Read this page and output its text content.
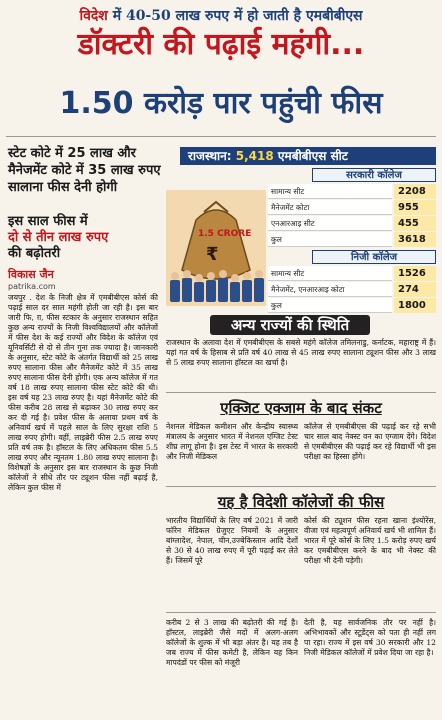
विदेश में 40-50 लाख रुपए में हो जाती है एमबीबीएस
डॉक्टरी की पढ़ाई महंगी...
1.50 करोड़ पार पहुंची फीस
स्टेट कोटे में 25 लाख और मैनेजमेंट कोटे में 35 लाख रुपए सालाना फीस देनी होगी
इस साल फीस में
दो से तीन लाख रुपए
की बढ़ोतरी
विकास जैन
patrika.com
जयपुर . देश के निजी क्षेत्र में एमबीबीएस कोर्स की पढ़ाई साल दर साल महंगी होती जा रही है। इस बार जारी फि, ग़, फीस स्टकार के अनुसार राजस्थान सहित कुछ अन्य राज्यों के निजी विश्वविद्यालयों और कॉलेजों में फीस देश के कई राज्यों और विदेश के कॉलेज एवं यूनिवर्सिटी से दो से तीन गुना तक ज्यादा है। जानकारी के अनुसार, स्टेट कोटे के अंतर्गत विद्यार्थी को 25 लाख रुपए सालाना फीस और मैनेजमेंट कोटे में 35 लाख रुपए सालाना फीस देनी होगी। एक अन्य कॉलेज में गत वर्ष 18 लाख रुपए सालाना फीस स्टेट कोटे की थी। इस वर्ष यह 23 लाख रुपए है। यहां मैनेजमेंट कोटे की फीस करीब 28 लाख से बढ़ाकर 30 लाख रुपए कर कर दी गई है। प्रवेश फीस के अलावा प्रथम वर्ष के अनिवार्य खर्च में पहले साल के लिए सुरक्षा राशि 5 लाख रुपए होगी। वहीं, लाइब्रेरी फीस 2.5 लाख रुपए प्रति वर्ष तक है। हॉस्टल के लिए अधिकतम फीस 5.5 लाख रुपए और न्यूनतम 1.80 लाख रुपए सालाना है। विशेषज्ञों के अनुसार इस बार राजस्थान के कुछ निजी कॉलेजों ने सीधे तौर पर ट्यूशन फीस नहीं बढ़ाई है, लेकिन कुल फीस में
1.5 CRORE
₹
राजस्थान: 5,418 एमबीबीएस सीट
सरकारी कॉलेज
सामान्य सीट	2208
मैनेजमेंट कोटा	955
एनआरआइ सीट	455
कुल	3618
निजी कॉलेज
सामान्य सीट	1526
मैनेजमेंट, एनआरआइ कोटा	274
कुल	1800
अन्य राज्यों की स्थिति
राजस्थान के अलावा देश में एमबीबीएस के सबसे महंगे कॉलेज तमिलनाडु, कर्नाटक, महाराष्ट्र में हैं। यहां गत वर्ष के हिसाब से प्रति वर्ष 40 लाख से 45 लाख रुपए सालाना ट्यूशन फीस और 3 लाख से 5 लाख रुपए सालाना हॉस्टल का खर्चा है।
एक्जिट एक्जाम के बाद संकट
नेशनल मेडिकल कमीशन और केन्द्रीय स्वास्थ्य मंत्रालय के अनुसार भारत में नेशनल एग्जिट टेस्ट शीघ्र लागू होना है। इस टेस्ट में भारत के सरकारी और निजी मेडिकल
कॉलेज से एमबीबीएस की पढ़ाई कर रहे सभी चार साल बाद नेक्स्ट वन का एग्जाम देंगे। विदेश से एमबीबीएस की पढ़ाई कर रहे विद्यार्थी भी इस परीक्षा का हिस्सा होंगे।
यह है विदेशी कॉलेजों की फीस
भारतीय विद्यार्थियों के लिए वर्ष 2021 में जारी फॉरेन मेडिकल ग्रेजुएट नियमों के अनुसार बांग्लादेश, नेपाल, चीन,उज्बेकिस्तान आदि देशों से 30 से 40 लाख रुपए में पूरी पढ़ाई कर लेते हैं। जिसमें पूरे
कोर्स की ट्यूशन फीस रहना खाना इंश्योरेंस, वीजा एवं महत्वपूर्ण अनिवार्य खर्च भी शामिल हैं। भारत में पूरे कोर्स के लिए 1.5 करोड़ रुपए खर्च कर एमबीबीएस करने के बाद भी नेक्स्ट की परीक्षा भी देनी पड़ेगी।
करीब 2 से 3 लाख की बढ़ोतरी की गई है। हॉस्टल, लाइब्रेरी जैसे मदों में अलग-अलग कॉलेजों के शुल्क में भी बड़ा अंतर है। यह तब है जब राज्य में फीस कमेटी है, लेकिन यह किन मापदंडों पर फीस को मंजूरी
देती है, यह सार्वजनिक तौर पर नहीं है। अभिभावकों और स्टूडेंट्स को पता ही नहीं लग पा रहा। राज्य में इस वर्ष 30 सरकारी और 12 निजी मेडिकल कॉलेजों में प्रवेश दिया जा रहा है।
